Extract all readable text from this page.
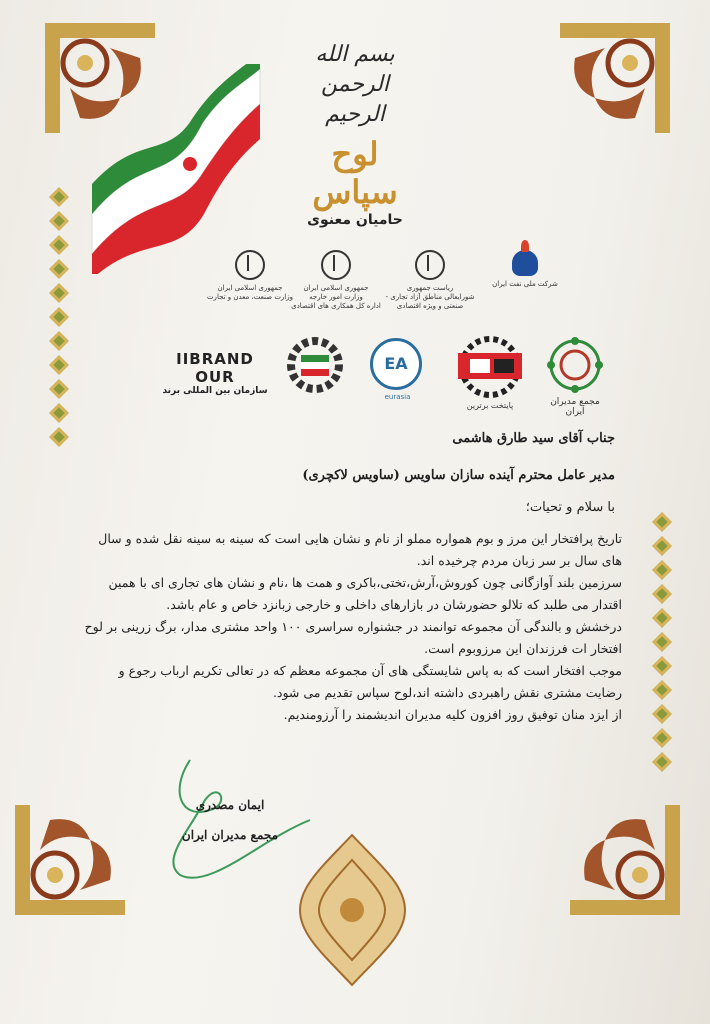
بسم الله الرحمن الرحیم
لوح سپاس
حامیان معنوی
جمهوری اسلامی ایران
وزارت صنعت، معدن و تجارت
جمهوری اسلامی ایران
وزارت امور خارجه
اداره کل همکاری های اقتصادی
ریاست جمهوری
شورایعالی مناطق آزاد تجاری - صنعتی و ویژه اقتصادی
شرکت ملی نفت ایران
IIBRAND OUR
سازمان بین المللی برند
EA
eurasia
پایتخت برترین	مجمع مدیران ایران
جناب آقای سید طارق هاشمی
مدیر عامل محترم آینده سازان ساویس (ساویس لاکچری)
با سلام و تحیات؛
تاریخ پرافتخار این مرز و بوم همواره مملو از نام و نشان هایی است که سینه به سینه نقل شده و سال های سال بر سر زبان مردم چرخیده اند.
سرزمین بلند آوازگانی چون کوروش،آرش،تختی،باکری و همت ها ،نام و نشان های تجاری ای با همین اقتدار می طلبد که تلالو حضورشان در بازارهای داخلی و خارجی زبانزد خاص و عام باشد.
درخشش و بالندگی آن مجموعه توانمند در جشنواره سراسری ۱۰۰ واحد مشتری مدار، برگ زرینی بر لوح افتخار ات فرزندان این مرزوبوم است.
موجب افتخار است که به پاس شایستگی های آن مجموعه معظم که در تعالی تکریم ارباب رجوع و رضایت مشتری نقش راهبردی داشته اند،لوح سپاس تقدیم می شود.
از ایزد منان توفیق روز افزون کلیه مدیران اندیشمند را آرزومندیم.
ایمان مصدری
مجمع مدیران ایران
